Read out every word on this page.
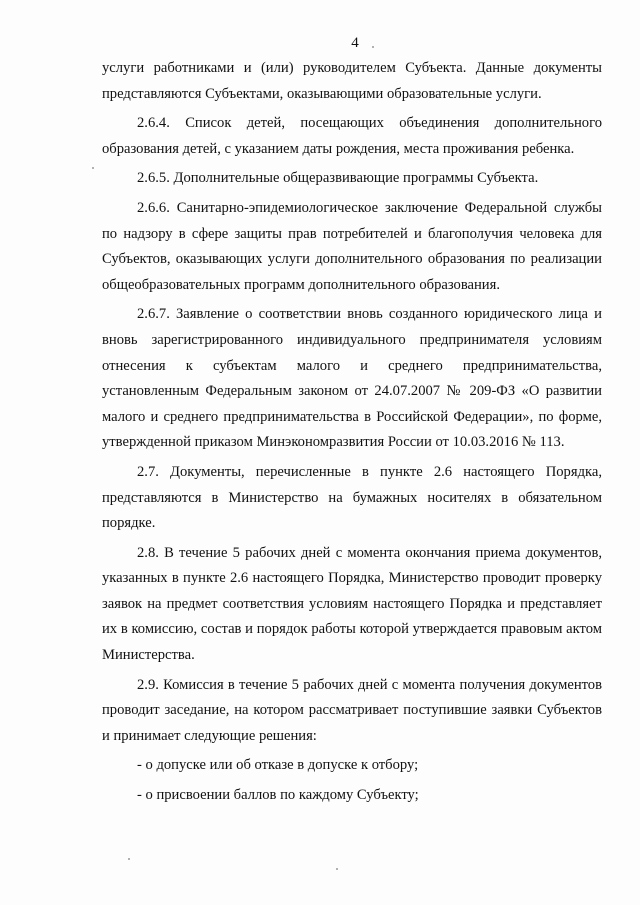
4

услуги работниками и (или) руководителем Субъекта. Данные документы представляются Субъектами, оказывающими образовательные услуги.

2.6.4. Список детей, посещающих объединения дополнительного образования детей, с указанием даты рождения, места проживания ребенка.

2.6.5. Дополнительные общеразвивающие программы Субъекта.

2.6.6. Санитарно-эпидемиологическое заключение Федеральной службы по надзору в сфере защиты прав потребителей и благополучия человека для Субъектов, оказывающих услуги дополнительного образования по реализации общеобразовательных программ дополнительного образования.

2.6.7. Заявление о соответствии вновь созданного юридического лица и вновь зарегистрированного индивидуального предпринимателя условиям отнесения к субъектам малого и среднего предпринимательства, установленным Федеральным законом от 24.07.2007 № 209-ФЗ «О развитии малого и среднего предпринимательства в Российской Федерации», по форме, утвержденной приказом Минэкономразвития России от 10.03.2016 № 113.

2.7. Документы, перечисленные в пункте 2.6 настоящего Порядка, представляются в Министерство на бумажных носителях в обязательном порядке.

2.8. В течение 5 рабочих дней с момента окончания приема документов, указанных в пункте 2.6 настоящего Порядка, Министерство проводит проверку заявок на предмет соответствия условиям настоящего Порядка и представляет их в комиссию, состав и порядок работы которой утверждается правовым актом Министерства.

2.9. Комиссия в течение 5 рабочих дней с момента получения документов проводит заседание, на котором рассматривает поступившие заявки Субъектов и принимает следующие решения:

- о допуске или об отказе в допуске к отбору;

- о присвоении баллов по каждому Субъекту;
